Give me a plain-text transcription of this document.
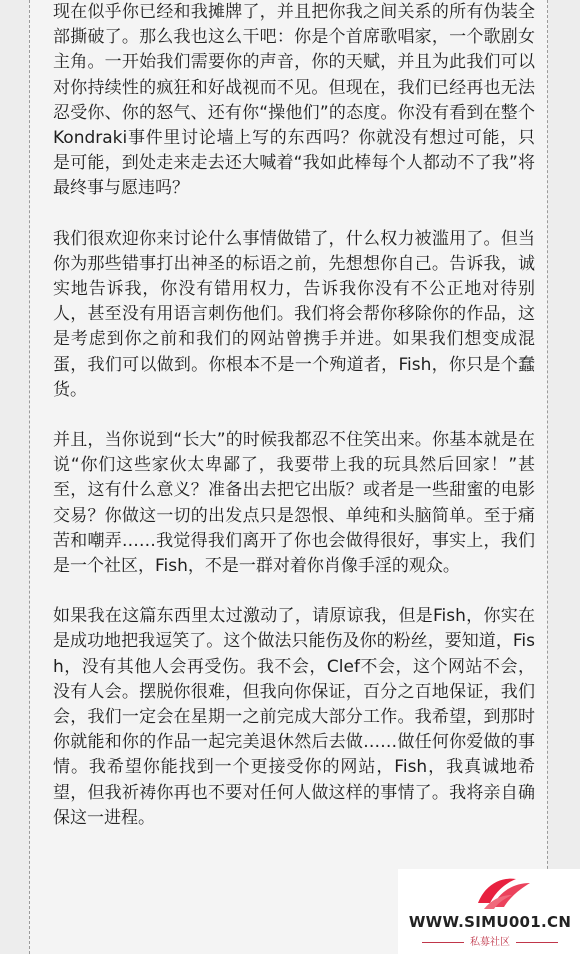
现在似乎你已经和我摊牌了，并且把你我之间关系的所有伪装全部撕破了。那么我也这么干吧：你是个首席歌唱家，一个歌剧女主角。一开始我们需要你的声音，你的天赋，并且为此我们可以对你持续性的疯狂和好战视而不见。但现在，我们已经再也无法忍受你、你的怒气、还有你“操他们”的态度。你没有看到在整个Kondraki事件里讨论墙上写的东西吗？你就没有想过可能，只是可能，到处走来走去还大喊着“我如此棒每个人都动不了我”将最终事与愿违吗？

我们很欢迎你来讨论什么事情做错了，什么权力被滥用了。但当你为那些错事打出神圣的标语之前，先想想你自己。告诉我，诚实地告诉我，你没有错用权力，告诉我你没有不公正地对待别人，甚至没有用语言刺伤他们。我们将会帮你移除你的作品，这是考虑到你之前和我们的网站曾携手并进。如果我们想变成混蛋，我们可以做到。你根本不是一个殉道者，Fish，你只是个蠢货。

并且，当你说到“长大”的时候我都忍不住笑出来。你基本就是在说“你们这些家伙太卑鄙了，我要带上我的玩具然后回家！”甚至，这有什么意义？准备出去把它出版？或者是一些甜蜜的电影交易？你做这一切的出发点只是怨恨、单纯和头脑简单。至于痛苦和嘲弄……我觉得我们离开了你也会做得很好，事实上，我们是一个社区，Fish，不是一群对着你肖像手淫的观众。

如果我在这篇东西里太过激动了，请原谅我，但是Fish，你实在是成功地把我逗笑了。这个做法只能伤及你的粉丝，要知道，Fish，没有其他人会再受伤。我不会，Clef不会，这个网站不会，没有人会。摆脱你很难，但我向你保证，百分之百地保证，我们会，我们一定会在星期一之前完成大部分工作。我希望，到那时你就能和你的作品一起完美退休然后去做……做任何你爱做的事情。我希望你能找到一个更接受你的网站，Fish，我真诚地希望，但我祈祷你再也不要对任何人做这样的事情了。我将亲自确保这一进程。

WWW.SIMU001.CN
私募社区
